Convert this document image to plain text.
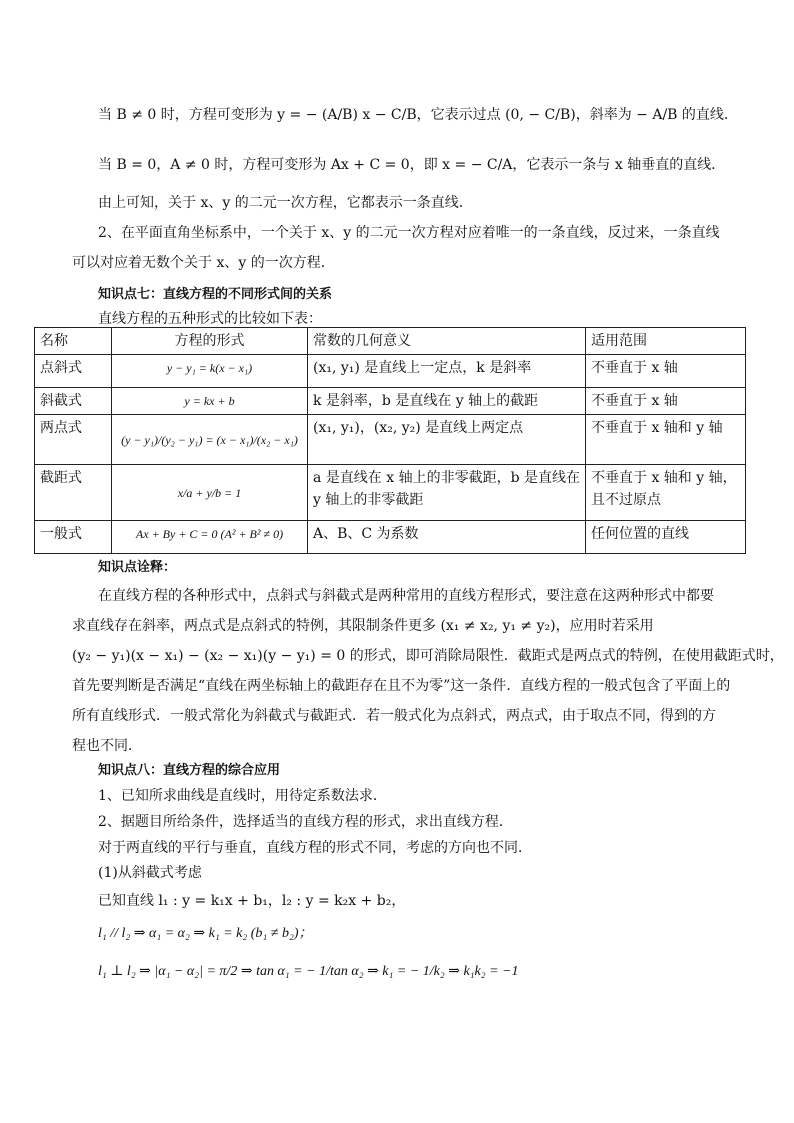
当 B ≠ 0 时，方程可变形为 y = − (A/B) x − C/B，它表示过点 (0, − C/B)，斜率为 − A/B 的直线．
当 B = 0，A ≠ 0 时，方程可变形为 Ax + C = 0，即 x = − C/A，它表示一条与 x 轴垂直的直线．
由上可知，关于 x、y 的二元一次方程，它都表示一条直线．
2、在平面直角坐标系中，一个关于 x、y 的二元一次方程对应着唯一的一条直线，反过来，一条直线
可以对应着无数个关于 x、y 的一次方程．
知识点七：直线方程的不同形式间的关系
直线方程的五种形式的比较如下表：
名称	方程的形式	常数的几何意义	适用范围
点斜式	y − y₁ = k(x − x₁)	(x₁, y₁) 是直线上一定点，k 是斜率	不垂直于 x 轴
斜截式	y = kx + b	k 是斜率，b 是直线在 y 轴上的截距	不垂直于 x 轴
两点式	(y − y₁)/(y₂ − y₁) = (x − x₁)/(x₂ − x₁)	(x₁, y₁)，(x₂, y₂) 是直线上两定点	不垂直于 x 轴和 y 轴
截距式	x/a + y/b = 1	a 是直线在 x 轴上的非零截距，b 是直线在 y 轴上的非零截距	不垂直于 x 轴和 y 轴，且不过原点
一般式	Ax + By + C = 0 (A² + B² ≠ 0)	A、B、C 为系数	任何位置的直线
知识点诠释：
在直线方程的各种形式中，点斜式与斜截式是两种常用的直线方程形式，要注意在这两种形式中都要
求直线存在斜率，两点式是点斜式的特例，其限制条件更多 (x₁ ≠ x₂, y₁ ≠ y₂)，应用时若采用
(y₂ − y₁)(x − x₁) − (x₂ − x₁)(y − y₁) = 0 的形式，即可消除局限性．截距式是两点式的特例，在使用截距式时，
首先要判断是否满足“直线在两坐标轴上的截距存在且不为零”这一条件．直线方程的一般式包含了平面上的
所有直线形式．一般式常化为斜截式与截距式．若一般式化为点斜式，两点式，由于取点不同，得到的方
程也不同．
知识点八：直线方程的综合应用
1、已知所求曲线是直线时，用待定系数法求．
2、据题目所给条件，选择适当的直线方程的形式，求出直线方程．
对于两直线的平行与垂直，直线方程的形式不同，考虑的方向也不同．
(1)从斜截式考虑
已知直线 l₁ : y = k₁x + b₁，l₂ : y = k₂x + b₂，
l₁ // l₂ ⇒ α₁ = α₂ ⇒ k₁ = k₂ (b₁ ≠ b₂)；
l₁ ⊥ l₂ ⇒ |α₁ − α₂| = π/2 ⇒ tan α₁ = − 1/tan α₂ ⇒ k₁ = − 1/k₂ ⇒ k₁k₂ = −1
